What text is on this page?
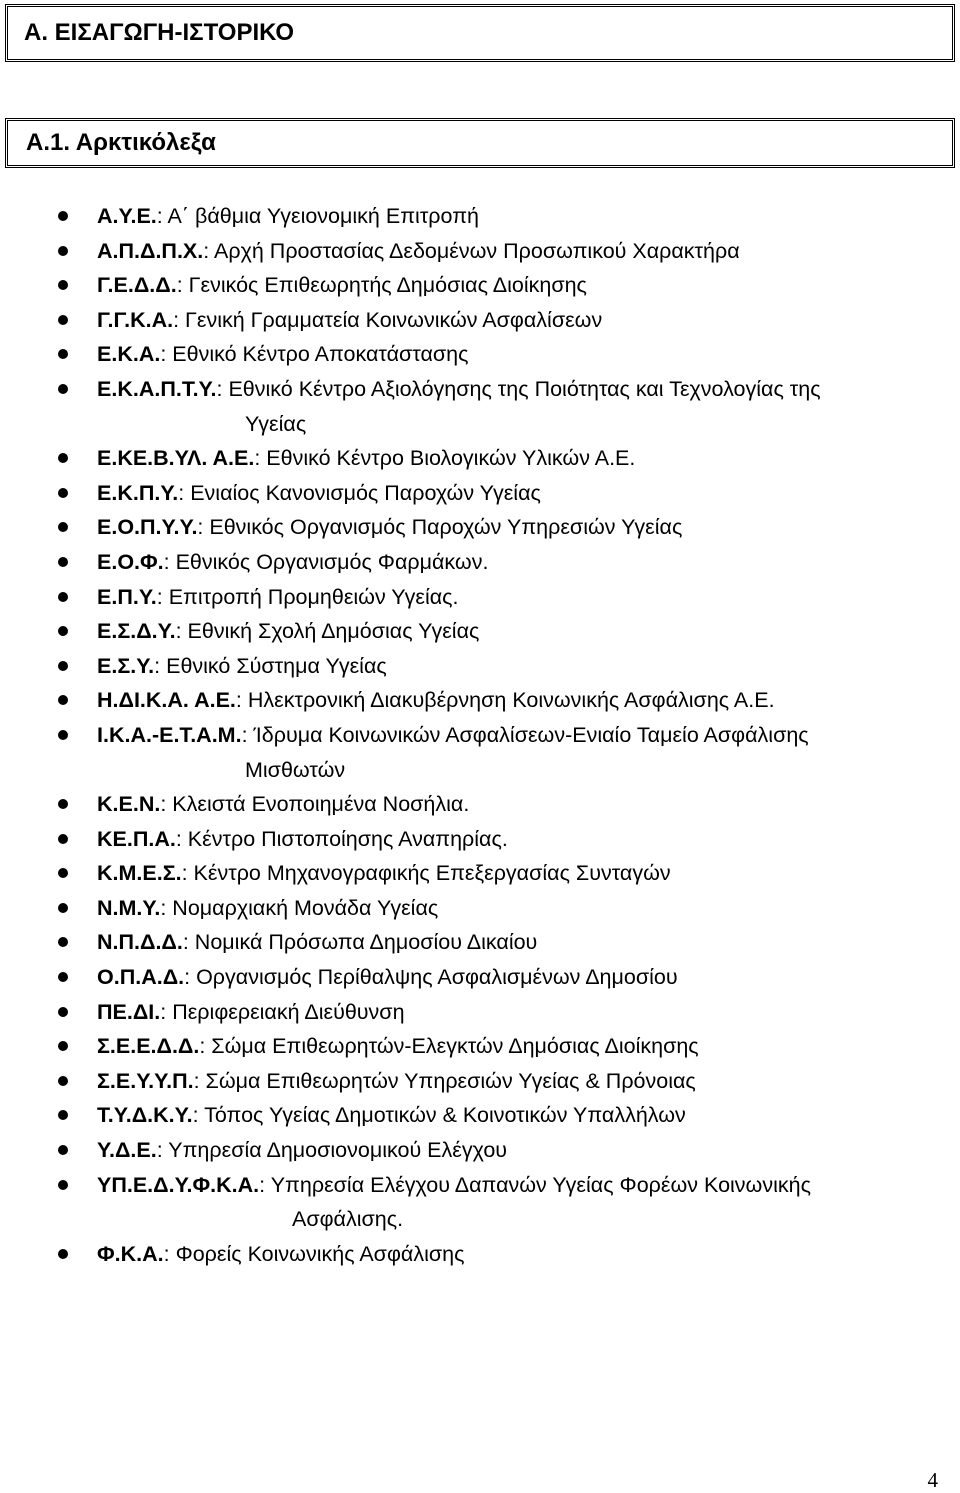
Α. ΕΙΣΑΓΩΓΗ-ΙΣΤΟΡΙΚΟ
Α.1. Αρκτικόλεξα
Α.Υ.Ε.: Α΄ βάθμια Υγειονομική Επιτροπή
Α.Π.Δ.Π.Χ.: Αρχή Προστασίας Δεδομένων Προσωπικού Χαρακτήρα
Γ.Ε.Δ.Δ.: Γενικός Επιθεωρητής Δημόσιας Διοίκησης
Γ.Γ.Κ.Α.: Γενική Γραμματεία Κοινωνικών Ασφαλίσεων
Ε.Κ.Α.: Εθνικό Κέντρο Αποκατάστασης
Ε.Κ.Α.Π.Τ.Υ.: Εθνικό Κέντρο Αξιολόγησης της Ποιότητας και Τεχνολογίας της
Υγείας
Ε.ΚΕ.Β.ΥΛ. Α.Ε.: Εθνικό Κέντρο Βιολογικών Υλικών Α.Ε.
Ε.Κ.Π.Υ.: Ενιαίος Κανονισμός Παροχών Υγείας
Ε.Ο.Π.Υ.Υ.: Εθνικός Οργανισμός Παροχών Υπηρεσιών Υγείας
Ε.Ο.Φ.: Εθνικός Οργανισμός Φαρμάκων.
Ε.Π.Υ.: Επιτροπή Προμηθειών Υγείας.
Ε.Σ.Δ.Υ.: Εθνική Σχολή Δημόσιας Υγείας
Ε.Σ.Υ.: Εθνικό Σύστημα Υγείας
Η.ΔΙ.Κ.Α. Α.Ε.: Ηλεκτρονική Διακυβέρνηση Κοινωνικής Ασφάλισης Α.Ε.
Ι.Κ.Α.-Ε.Τ.Α.Μ.: Ίδρυμα Κοινωνικών Ασφαλίσεων-Ενιαίο Ταμείο Ασφάλισης
Μισθωτών
Κ.Ε.Ν.: Κλειστά Ενοποιημένα Νοσήλια.
ΚΕ.Π.Α.: Κέντρο Πιστοποίησης Αναπηρίας.
Κ.Μ.Ε.Σ.: Κέντρο Μηχανογραφικής Επεξεργασίας Συνταγών
Ν.Μ.Υ.: Νομαρχιακή Μονάδα Υγείας
Ν.Π.Δ.Δ.: Νομικά Πρόσωπα Δημοσίου Δικαίου
Ο.Π.Α.Δ.: Οργανισμός Περίθαλψης Ασφαλισμένων Δημοσίου
ΠΕ.ΔΙ.: Περιφερειακή Διεύθυνση
Σ.Ε.Ε.Δ.Δ.: Σώμα Επιθεωρητών-Ελεγκτών Δημόσιας Διοίκησης
Σ.Ε.Υ.Υ.Π.: Σώμα Επιθεωρητών Υπηρεσιών Υγείας & Πρόνοιας
Τ.Υ.Δ.Κ.Υ.: Τόπος Υγείας Δημοτικών & Κοινοτικών Υπαλλήλων
Υ.Δ.Ε.: Υπηρεσία Δημοσιονομικού Ελέγχου
ΥΠ.Ε.Δ.Υ.Φ.Κ.Α.: Υπηρεσία Ελέγχου Δαπανών Υγείας Φορέων Κοινωνικής
Ασφάλισης.
Φ.Κ.Α.: Φορείς Κοινωνικής Ασφάλισης
4
